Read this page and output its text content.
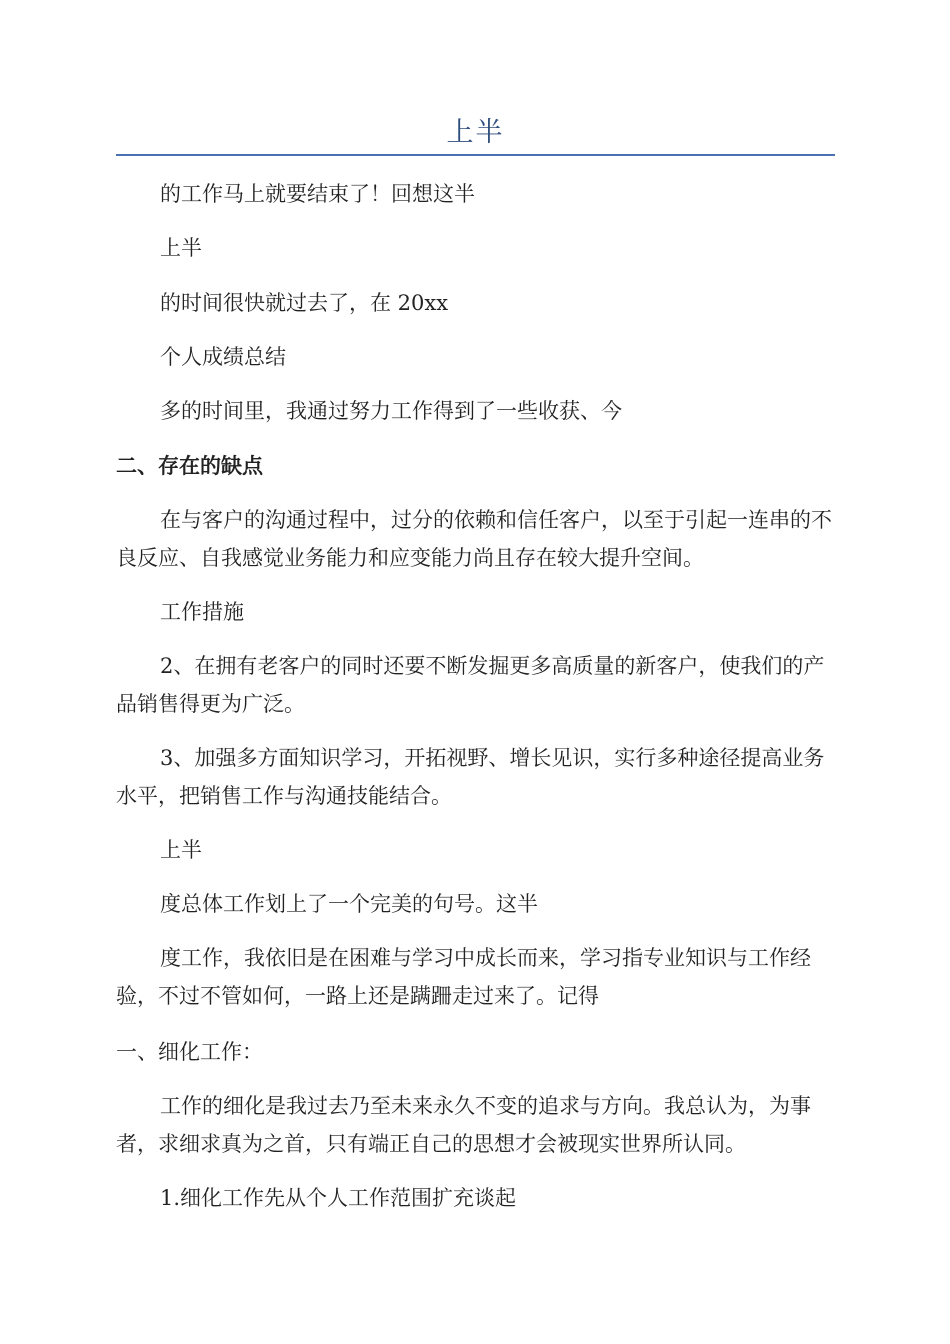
上半

的工作马上就要结束了！回想这半

上半

的时间很快就过去了，在 20xx

个人成绩总结

多的时间里，我通过努力工作得到了一些收获、今

二、存在的缺点

在与客户的沟通过程中，过分的依赖和信任客户，以至于引起一连串的不良反应、自我感觉业务能力和应变能力尚且存在较大提升空间。

工作措施

2、在拥有老客户的同时还要不断发掘更多高质量的新客户，使我们的产品销售得更为广泛。

3、加强多方面知识学习，开拓视野、增长见识，实行多种途径提高业务水平，把销售工作与沟通技能结合。

上半

度总体工作划上了一个完美的句号。这半

度工作，我依旧是在困难与学习中成长而来，学习指专业知识与工作经验，不过不管如何，一路上还是蹒跚走过来了。记得

一、细化工作：

工作的细化是我过去乃至未来永久不变的追求与方向。我总认为，为事者，求细求真为之首，只有端正自己的思想才会被现实世界所认同。

1.细化工作先从个人工作范围扩充谈起
